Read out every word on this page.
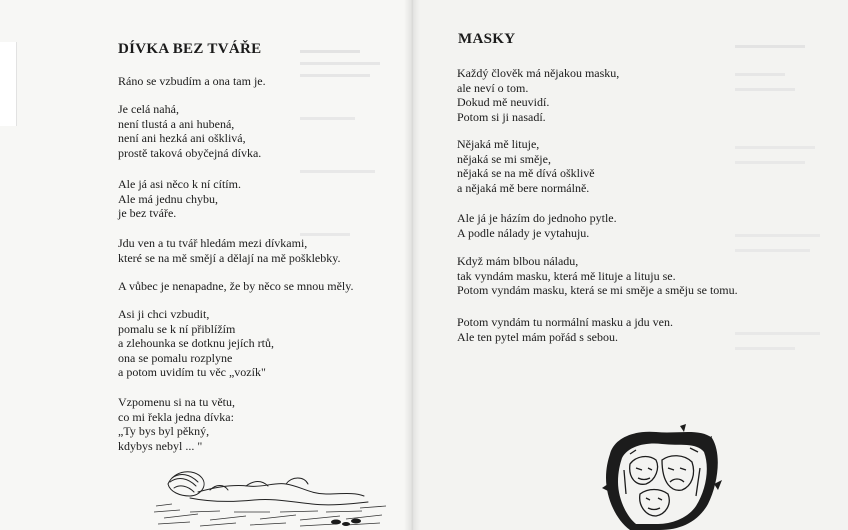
DÍVKA BEZ TVÁŘE
Ráno se vzbudím a ona tam je.
Je celá nahá,
není tlustá a ani hubená,
není ani hezká ani ošklivá,
prostě taková obyčejná dívka.
Ale já asi něco k ní cítím.
Ale má jednu chybu,
je bez tváře.
Jdu ven a tu tvář hledám mezi dívkami,
které se na mě smějí a dělají na mě pošklebky.
A vůbec je nenapadne, že by něco se mnou měly.
Asi ji chci vzbudit,
pomalu se k ní přiblížím
a zlehounka se dotknu jejích rtů,
ona se pomalu rozplyne
a potom uvidím tu věc „vozík"
Vzpomenu si na tu větu,
co mi řekla jedna dívka:
„Ty bys byl pěkný,
kdybys nebyl ... "
MASKY
Každý člověk má nějakou masku,
ale neví o tom.
Dokud mě neuvidí.
Potom si ji nasadí.
Nějaká mě lituje,
nějaká se mi směje,
nějaká se na mě dívá ošklivě
a nějaká mě bere normálně.
Ale já je házím do jednoho pytle.
A podle nálady je vytahuju.
Když mám blbou náladu,
tak vyndám masku, která mě lituje a lituju se.
Potom vyndám masku, která se mi směje a směju se tomu.
Potom vyndám tu normální masku a jdu ven.
Ale ten pytel mám pořád s sebou.
